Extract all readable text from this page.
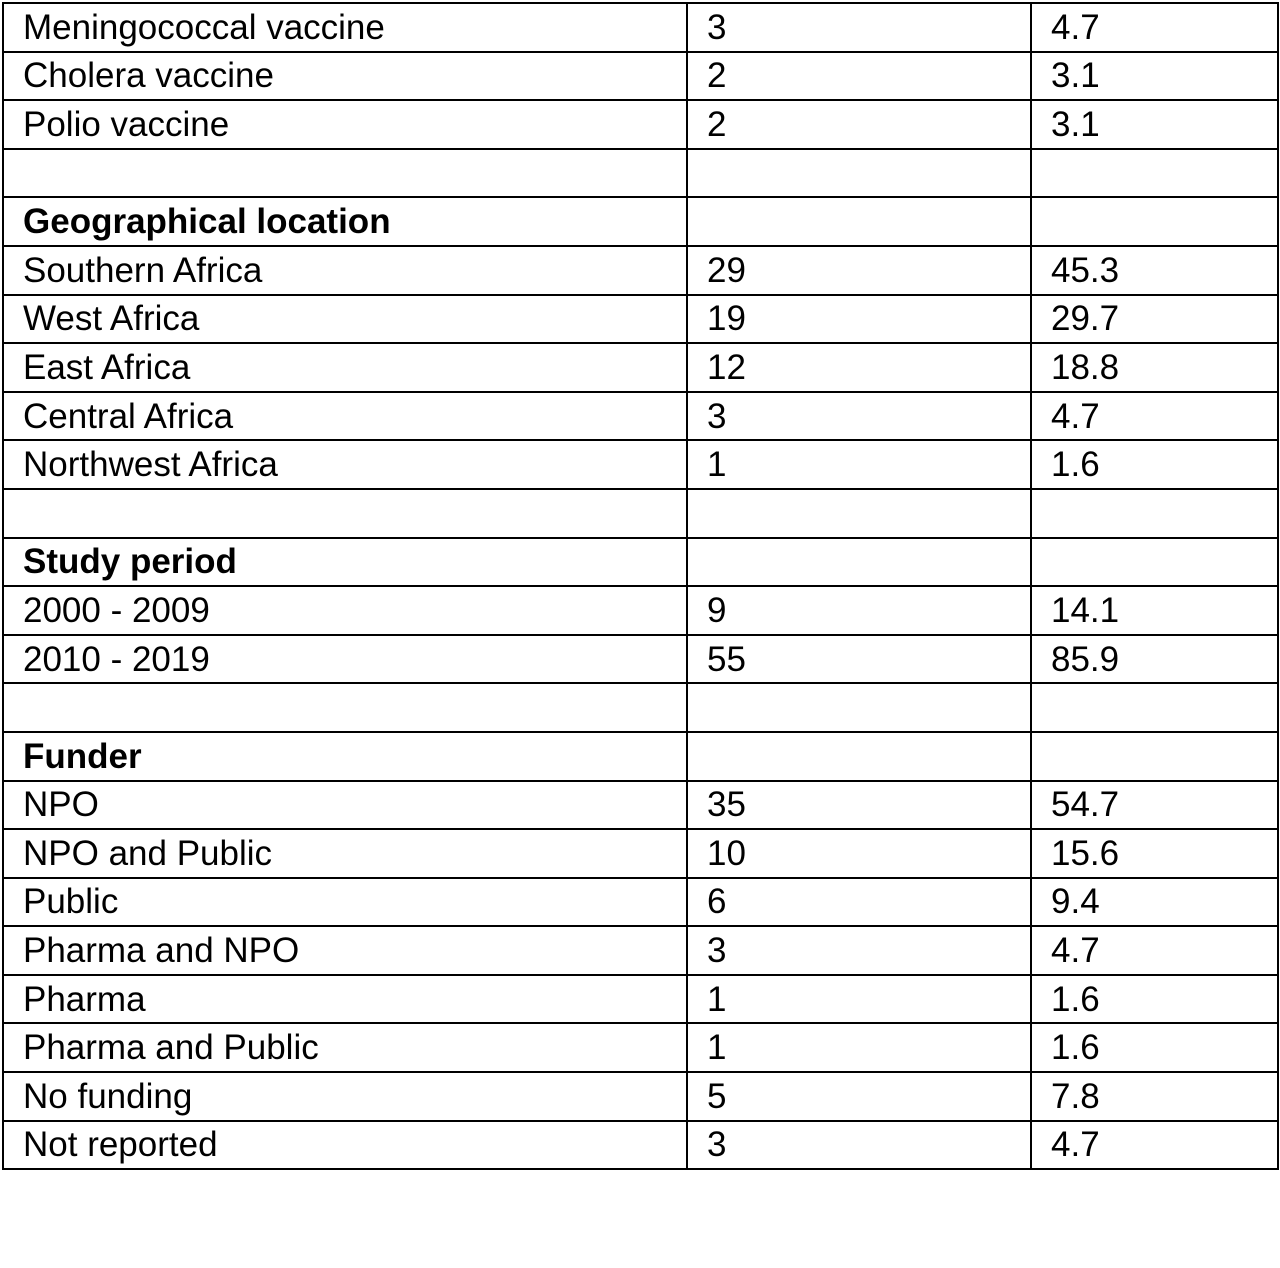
Meningococcal vaccine	3	4.7
Cholera vaccine	2	3.1
Polio vaccine	2	3.1

Geographical location		
Southern Africa	29	45.3
West Africa	19	29.7
East Africa	12	18.8
Central Africa	3	4.7
Northwest Africa	1	1.6

Study period		
2000 - 2009	9	14.1
2010 - 2019	55	85.9

Funder		
NPO	35	54.7
NPO and Public	10	15.6
Public	6	9.4
Pharma and NPO	3	4.7
Pharma	1	1.6
Pharma and Public	1	1.6
No funding	5	7.8
Not reported	3	4.7
